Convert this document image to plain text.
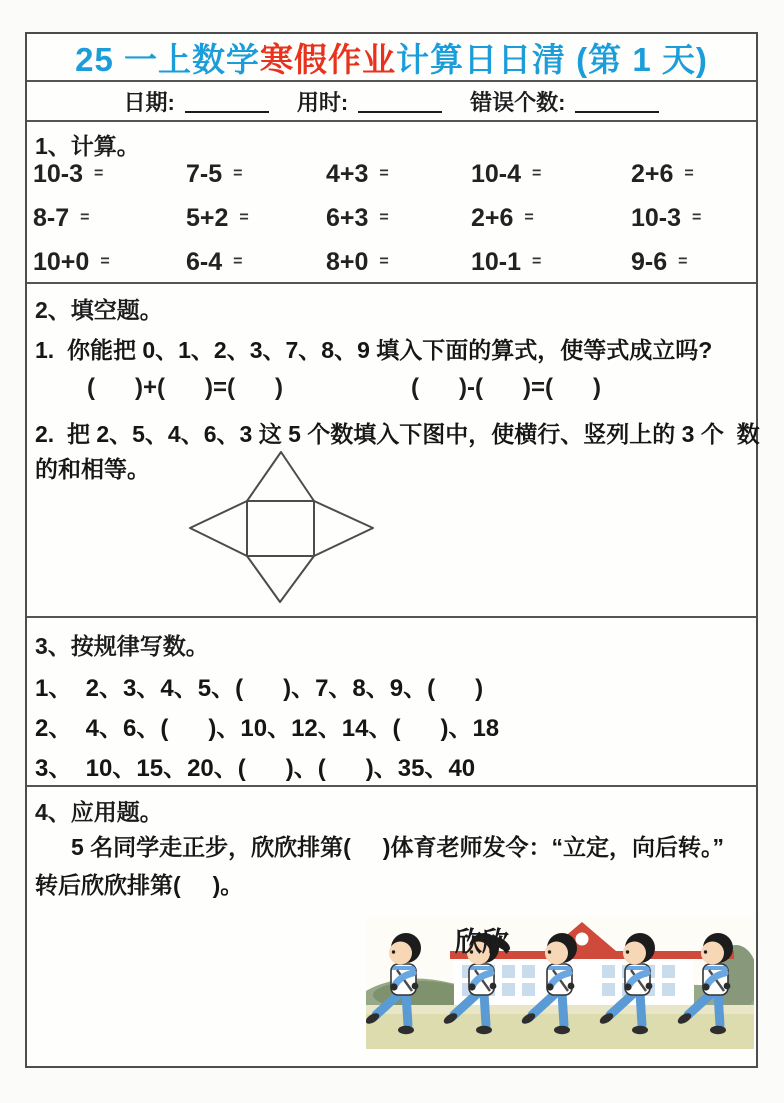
25 一上数学 寒假作业 计算日日清 (第 1 天)
日期:	用时:	错误个数:
1、计算。
10-3 =	7-5 =	4+3 =	10-4 =	2+6 =
8-7 =	5+2 =	6+3 =	2+6 =	10-3 =
10+0 =	6-4 =	8+0 =	10-1 =	9-6 =
2、填空题。
1.  你能把 0、1、2、3、7、8、9 填入下面的算式，使等式成立吗?
(      )+(      )=(      )	(      )-(      )=(      )
2.  把 2、5、4、6、3 这 5 个数填入下图中，使横行、竖列上的 3 个  数
的和相等。
3、按规律写数。
1、  2、3、4、5、(      )、7、8、9、(      )
2、  4、6、(      )、10、12、14、(      )、18
3、  10、15、20、(      )、(      )、35、40
4、应用题。
5 名同学走正步，欣欣排第(     )体育老师发令：“立定，向后转。”
转后欣欣排第(     )。
欣欣
